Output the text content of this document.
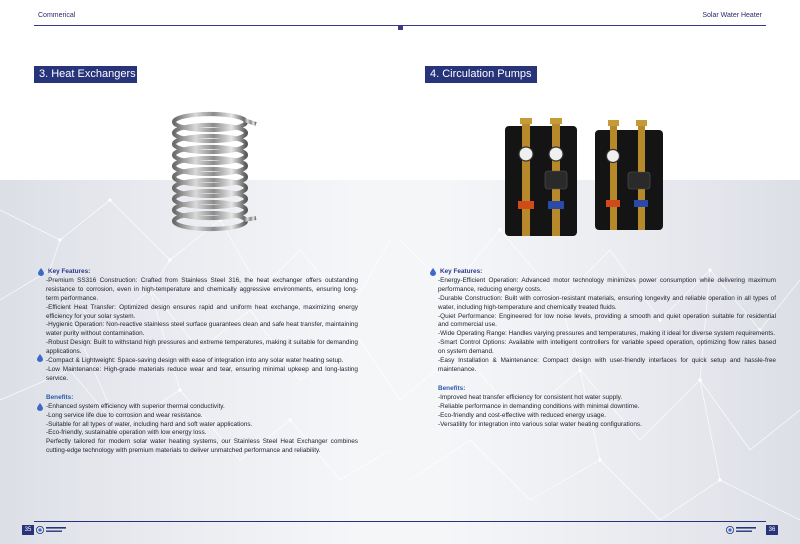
Commerical	Solar Water Heater
3. Heat Exchangers	4. Circulation Pumps
Key Features:
-Premium SS316 Construction: Crafted from Stainless Steel 316, the heat exchanger offers outstanding resistance to corrosion, even in high-temperature and chemically aggressive environments, ensuring long-term performance.
-Efficient Heat Transfer: Optimized design ensures rapid and uniform heat exchange, maximizing energy efficiency for your solar system.
-Hygienic Operation: Non-reactive stainless steel surface guarantees clean and safe heat transfer, maintaining water purity without contamination.
-Robust Design: Built to withstand high pressures and extreme temperatures, making it suitable for demanding applications.
-Compact & Lightweight: Space-saving design with ease of integration into any solar water heating setup.
-Low Maintenance: High-grade materials reduce wear and tear, ensuring minimal upkeep and long-lasting service.
Benefits:
-Enhanced system efficiency with superior thermal conductivity.
-Long service life due to corrosion and wear resistance.
-Suitable for all types of water, including hard and soft water applications.
-Eco-friendly, sustainable operation with low energy loss.
Perfectly tailored for modern solar water heating systems, our Stainless Steel Heat Exchanger combines cutting-edge technology with premium materials to deliver unmatched performance and reliability.
Key Features:
-Energy-Efficient Operation: Advanced motor technology minimizes power consumption while delivering maximum performance, reducing energy costs.
-Durable Construction: Built with corrosion-resistant materials, ensuring longevity and reliable operation in all types of water, including high-temperature and chemically treated fluids.
-Quiet Performance: Engineered for low noise levels, providing a smooth and quiet operation suitable for residential and commercial use.
-Wide Operating Range: Handles varying pressures and temperatures, making it ideal for diverse system requirements.
-Smart Control Options: Available with intelligent controllers for variable speed operation, optimizing flow rates based on system demand.
-Easy Installation & Maintenance: Compact design with user-friendly interfaces for quick setup and hassle-free maintenance.
Benefits:
-Improved heat transfer efficiency for consistent hot water supply.
-Reliable performance in demanding conditions with minimal downtime.
-Eco-friendly and cost-effective with reduced energy usage.
-Versatility for integration into various solar water heating configurations.
35	36
